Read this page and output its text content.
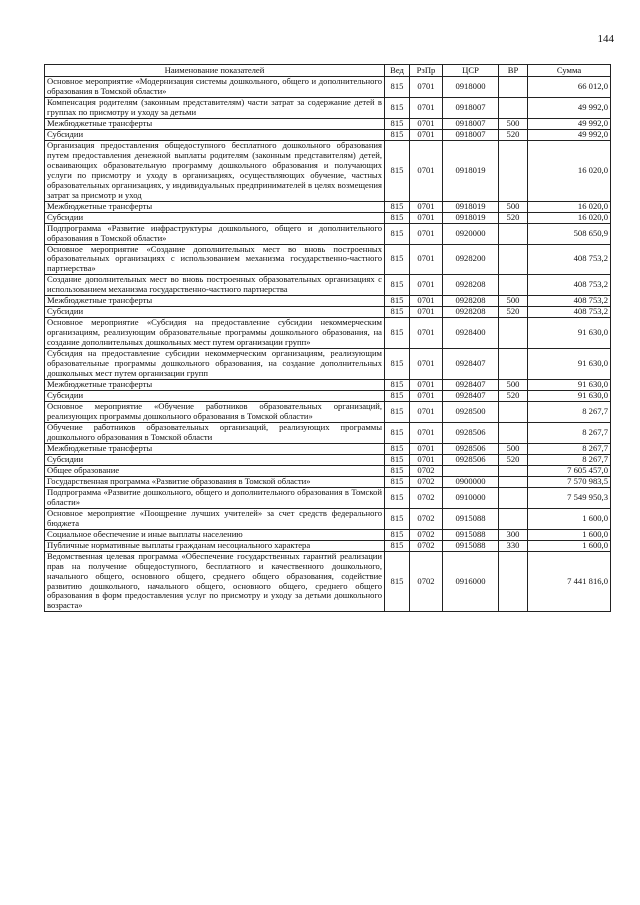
144
Наименование показателей	Вед	РзПр	ЦСР	ВР	Сумма
Основное мероприятие «Модернизация системы дошкольного, общего и дополнительного образования в Томской области»	815	0701	0918000		66 012,0
Компенсация родителям (законным представителям) части затрат за содержание детей в группах по присмотру и уходу за детьми	815	0701	0918007		49 992,0
Межбюджетные трансферты	815	0701	0918007	500	49 992,0
Субсидии	815	0701	0918007	520	49 992,0
Организация предоставления общедоступного бесплатного дошкольного образования путем предоставления денежной выплаты родителям (законным представителям) детей, осваивающих образовательную программу дошкольного образования и получающих услуги по присмотру и уходу в организациях, осуществляющих обучение, частных образовательных организациях, у индивидуальных предпринимателей в целях возмещения затрат за присмотр и уход	815	0701	0918019		16 020,0
Межбюджетные трансферты	815	0701	0918019	500	16 020,0
Субсидии	815	0701	0918019	520	16 020,0
Подпрограмма «Развитие инфраструктуры дошкольного, общего и дополнительного образования в Томской области»	815	0701	0920000		508 650,9
Основное мероприятие «Создание дополнительных мест во вновь построенных образовательных организациях с использованием механизма государственно-частного партнерства»	815	0701	0928200		408 753,2
Создание дополнительных мест во вновь построенных образовательных организациях с использованием механизма государственно-частного партнерства	815	0701	0928208		408 753,2
Межбюджетные трансферты	815	0701	0928208	500	408 753,2
Субсидии	815	0701	0928208	520	408 753,2
Основное мероприятие «Субсидия на предоставление субсидии некоммерческим организациям, реализующим образовательные программы дошкольного образования, на создание дополнительных дошкольных мест путем организации групп»	815	0701	0928400		91 630,0
Субсидия на предоставление субсидии некоммерческим организациям, реализующим образовательные программы дошкольного образования, на создание дополнительных дошкольных мест путем организации групп	815	0701	0928407		91 630,0
Межбюджетные трансферты	815	0701	0928407	500	91 630,0
Субсидии	815	0701	0928407	520	91 630,0
Основное мероприятие «Обучение работников образовательных организаций, реализующих программы дошкольного образования в Томской области»	815	0701	0928500		8 267,7
Обучение работников образовательных организаций, реализующих программы дошкольного образования в Томской области	815	0701	0928506		8 267,7
Межбюджетные трансферты	815	0701	0928506	500	8 267,7
Субсидии	815	0701	0928506	520	8 267,7
Общее образование	815	0702			7 605 457,0
Государственная программа «Развитие образования в Томской области»	815	0702	0900000		7 570 983,5
Подпрограмма «Развитие дошкольного, общего и дополнительного образования в Томской области»	815	0702	0910000		7 549 950,3
Основное мероприятие «Поощрение лучших учителей» за счет средств федерального бюджета	815	0702	0915088		1 600,0
Социальное обеспечение и иные выплаты населению	815	0702	0915088	300	1 600,0
Публичные нормативные выплаты гражданам несоциального характера	815	0702	0915088	330	1 600,0
Ведомственная целевая программа «Обеспечение государственных гарантий реализации прав на получение общедоступного, бесплатного и качественного дошкольного, начального общего, основного общего, среднего общего образования, содействие развитию дошкольного, начального общего, основного общего, среднего общего образования в форм предоставления услуг по присмотру и уходу за детьми дошкольного возраста»	815	0702	0916000		7 441 816,0
